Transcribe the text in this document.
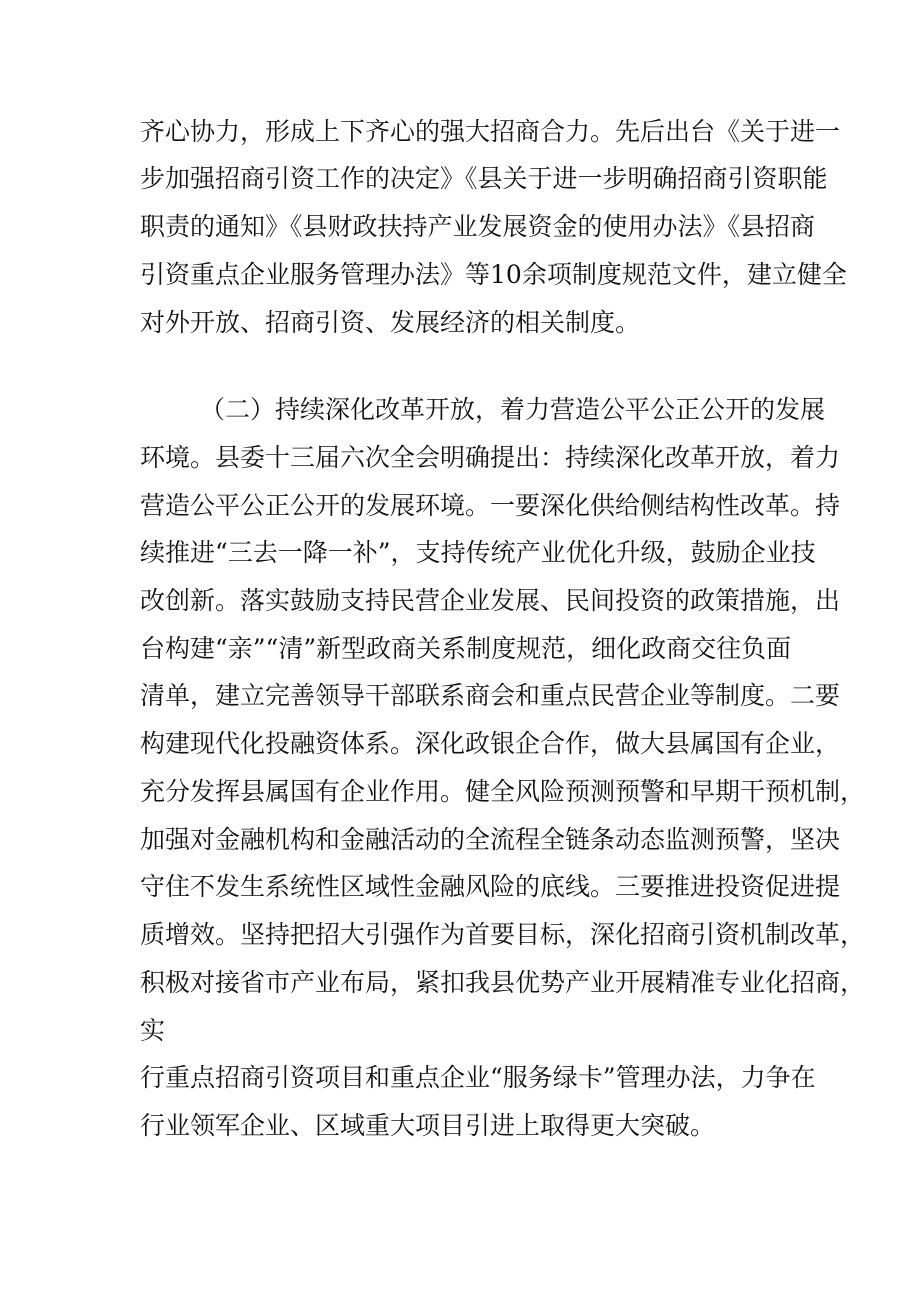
齐心协力，形成上下齐心的强大招商合力。先后出台《关于进一
步加强招商引资工作的决定》《县关于进一步明确招商引资职能
职责的通知》《县财政扶持产业发展资金的使用办法》《县招商
引资重点企业服务管理办法》等10余项制度规范文件，建立健全
对外开放、招商引资、发展经济的相关制度。
（二）持续深化改革开放，着力营造公平公正公开的发展
环境。县委十三届六次全会明确提出：持续深化改革开放，着力
营造公平公正公开的发展环境。一要深化供给侧结构性改革。持
续推进“三去一降一补”，支持传统产业优化升级，鼓励企业技
改创新。落实鼓励支持民营企业发展、民间投资的政策措施，出
台构建“亲”“清”新型政商关系制度规范，细化政商交往负面
清单，建立完善领导干部联系商会和重点民营企业等制度。二要
构建现代化投融资体系。深化政银企合作，做大县属国有企业，
充分发挥县属国有企业作用。健全风险预测预警和早期干预机制，
加强对金融机构和金融活动的全流程全链条动态监测预警，坚决
守住不发生系统性区域性金融风险的底线。三要推进投资促进提
质增效。坚持把招大引强作为首要目标，深化招商引资机制改革，
积极对接省市产业布局，紧扣我县优势产业开展精准专业化招商，
实
行重点招商引资项目和重点企业“服务绿卡”管理办法，力争在
行业领军企业、区域重大项目引进上取得更大突破。
